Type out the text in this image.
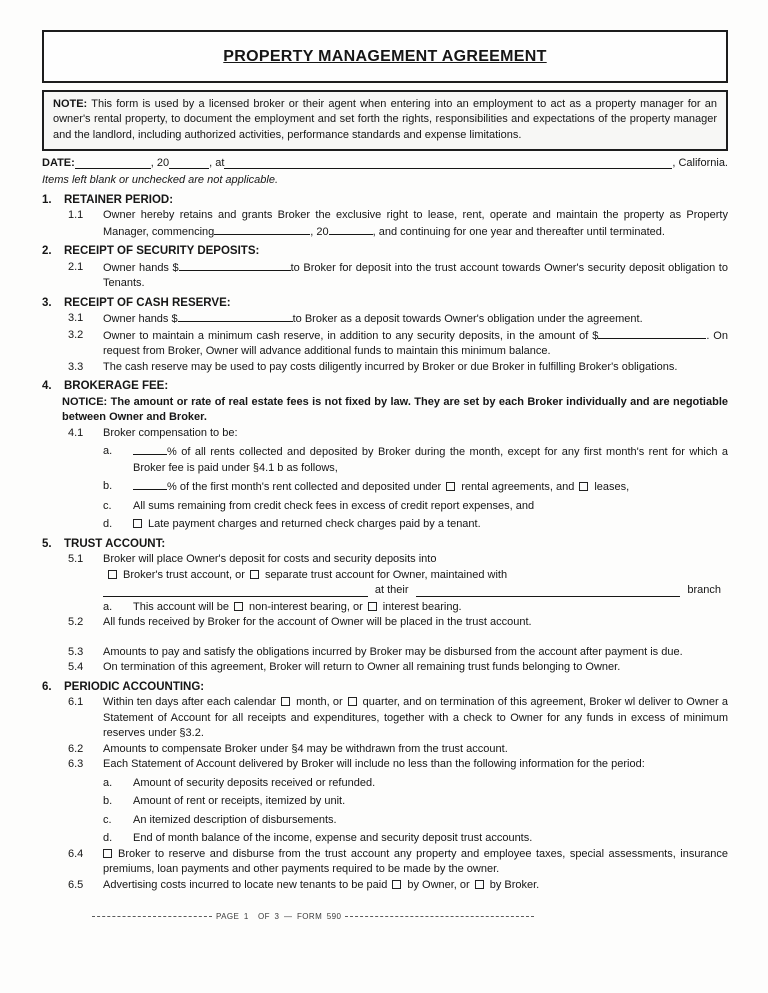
PROPERTY MANAGEMENT AGREEMENT
NOTE: This form is used by a licensed broker or their agent when entering into an employment to act as a property manager for an owner's rental property, to document the employment and set forth the rights, responsibilities and expectations of the property manager and the landlord, including authorized activities, performance standards and expense limitations.
DATE:	, 20	, at	, California.
Items left blank or unchecked are not applicable.
1. RETAINER PERIOD:
1.1	Owner hereby retains and grants Broker the exclusive right to lease, rent, operate and maintain the property as Property Manager, commencing	, 20	, and continuing for one year and thereafter until terminated.
2. RECEIPT OF SECURITY DEPOSITS:
2.1	Owner hands $	to Broker for deposit into the trust account towards Owner's security deposit obligation to Tenants.
3. RECEIPT OF CASH RESERVE:
3.1	Owner hands $	to Broker as a deposit towards Owner's obligation under the agreement.
3.2	Owner to maintain a minimum cash reserve, in addition to any security deposits, in the amount of $	. On request from Broker, Owner will advance additional funds to maintain this minimum balance.
3.3	The cash reserve may be used to pay costs diligently incurred by Broker or due Broker in fulfilling Broker's obligations.
4. BROKERAGE FEE:
NOTICE: The amount or rate of real estate fees is not fixed by law. They are set by each Broker individually and are negotiable between Owner and Broker.
4.1	Broker compensation to be:
a.	% of all rents collected and deposited by Broker during the month, except for any first month's rent for which a Broker fee is paid under §4.1 b as follows,
b.	% of the first month's rent collected and deposited under rental agreements, and leases,
c.	All sums remaining from credit check fees in excess of credit report expenses, and
d.	Late payment charges and returned check charges paid by a tenant.
5. TRUST ACCOUNT:
5.1	Broker will place Owner's deposit for costs and security deposits into
Broker's trust account, or separate trust account for Owner, maintained with
at their	branch
a.	This account will be non-interest bearing, or interest bearing.
5.2	All funds received by Broker for the account of Owner will be placed in the trust account.
5.3	Amounts to pay and satisfy the obligations incurred by Broker may be disbursed from the account after payment is due.
5.4	On termination of this agreement, Broker will return to Owner all remaining trust funds belonging to Owner.
6. PERIODIC ACCOUNTING:
6.1	Within ten days after each calendar month, or quarter, and on termination of this agreement, Broker wl deliver to Owner a Statement of Account for all receipts and expenditures, together with a check to Owner for any funds in excess of minimum reserves under §3.2.
6.2	Amounts to compensate Broker under §4 may be withdrawn from the trust account.
6.3	Each Statement of Account delivered by Broker will include no less than the following information for the period:
a.	Amount of security deposits received or refunded.
b.	Amount of rent or receipts, itemized by unit.
c.	An itemized description of disbursements.
d.	End of month balance of the income, expense and security deposit trust accounts.
6.4	Broker to reserve and disburse from the trust account any property and employee taxes, special assessments, insurance premiums, loan payments and other payments required to be made by the owner.
6.5	Advertising costs incurred to locate new tenants to be paid by Owner, or by Broker.
PAGE 1  OF 3 — FORM 590
